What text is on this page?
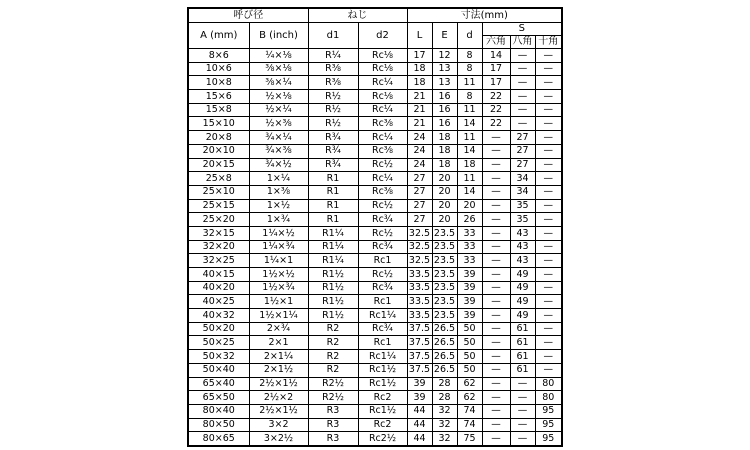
呼び径		ねじ		寸法(mm)					
A (mm)	B (inch)	d1	d2	L	E	d	S		
							六角	八角	十角
8×6	¼×⅛	R¼	Rc⅛	17	12	8	14	—	—
10×6	⅜×⅛	R⅜	Rc⅛	18	13	8	17	—	—
10×8	⅜×¼	R⅜	Rc¼	18	13	11	17	—	—
15×6	½×⅛	R½	Rc⅛	21	16	8	22	—	—
15×8	½×¼	R½	Rc¼	21	16	11	22	—	—
15×10	½×⅜	R½	Rc⅜	21	16	14	22	—	—
20×8	¾×¼	R¾	Rc¼	24	18	11	—	27	—
20×10	¾×⅜	R¾	Rc⅜	24	18	14	—	27	—
20×15	¾×½	R¾	Rc½	24	18	18	—	27	—
25×8	1×¼	R1	Rc¼	27	20	11	—	34	—
25×10	1×⅜	R1	Rc⅜	27	20	14	—	34	—
25×15	1×½	R1	Rc½	27	20	20	—	35	—
25×20	1×¾	R1	Rc¾	27	20	26	—	35	—
32×15	1¼×½	R1¼	Rc½	32.5	23.5	33	—	43	—
32×20	1¼×¾	R1¼	Rc¾	32.5	23.5	33	—	43	—
32×25	1¼×1	R1¼	Rc1	32.5	23.5	33	—	43	—
40×15	1½×½	R1½	Rc½	33.5	23.5	39	—	49	—
40×20	1½×¾	R1½	Rc¾	33.5	23.5	39	—	49	—
40×25	1½×1	R1½	Rc1	33.5	23.5	39	—	49	—
40×32	1½×1¼	R1½	Rc1¼	33.5	23.5	39	—	49	—
50×20	2×¾	R2	Rc¾	37.5	26.5	50	—	61	—
50×25	2×1	R2	Rc1	37.5	26.5	50	—	61	—
50×32	2×1¼	R2	Rc1¼	37.5	26.5	50	—	61	—
50×40	2×1½	R2	Rc1½	37.5	26.5	50	—	61	—
65×40	2½×1½	R2½	Rc1½	39	28	62	—	—	80
65×50	2½×2	R2½	Rc2	39	28	62	—	—	80
80×40	2½×1½	R3	Rc1½	44	32	74	—	—	95
80×50	3×2	R3	Rc2	44	32	74	—	—	95
80×65	3×2½	R3	Rc2½	44	32	75	—	—	95
